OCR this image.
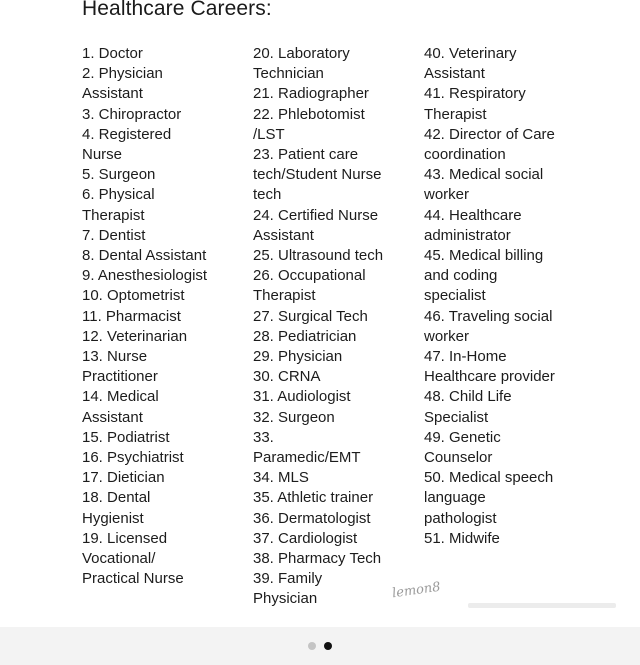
Healthcare Careers:
1. Doctor
2. Physician
Assistant
3. Chiropractor
4. Registered
Nurse
5. Surgeon
6. Physical
Therapist
7. Dentist
8. Dental Assistant
9. Anesthesiologist
10. Optometrist
11. Pharmacist
12. Veterinarian
13. Nurse
Practitioner
14. Medical
Assistant
15. Podiatrist
16. Psychiatrist
17. Dietician
18. Dental
Hygienist
19. Licensed
Vocational/
Practical Nurse
20. Laboratory
Technician
21. Radiographer
22. Phlebotomist
/LST
23. Patient care
tech/Student Nurse
tech
24. Certified Nurse
Assistant
25. Ultrasound tech
26. Occupational
Therapist
27. Surgical Tech
28. Pediatrician
29. Physician
30. CRNA
31. Audiologist
32. Surgeon
33.
Paramedic/EMT
34. MLS
35. Athletic trainer
36. Dermatologist
37. Cardiologist
38. Pharmacy Tech
39. Family
Physician
40. Veterinary
Assistant
41. Respiratory
Therapist
42. Director of Care
coordination
43. Medical social
worker
44. Healthcare
administrator
45. Medical billing
and coding
specialist
46. Traveling social
worker
47. In-Home
Healthcare provider
48. Child Life
Specialist
49. Genetic
Counselor
50. Medical speech
language
pathologist
51. Midwife
lemon8
